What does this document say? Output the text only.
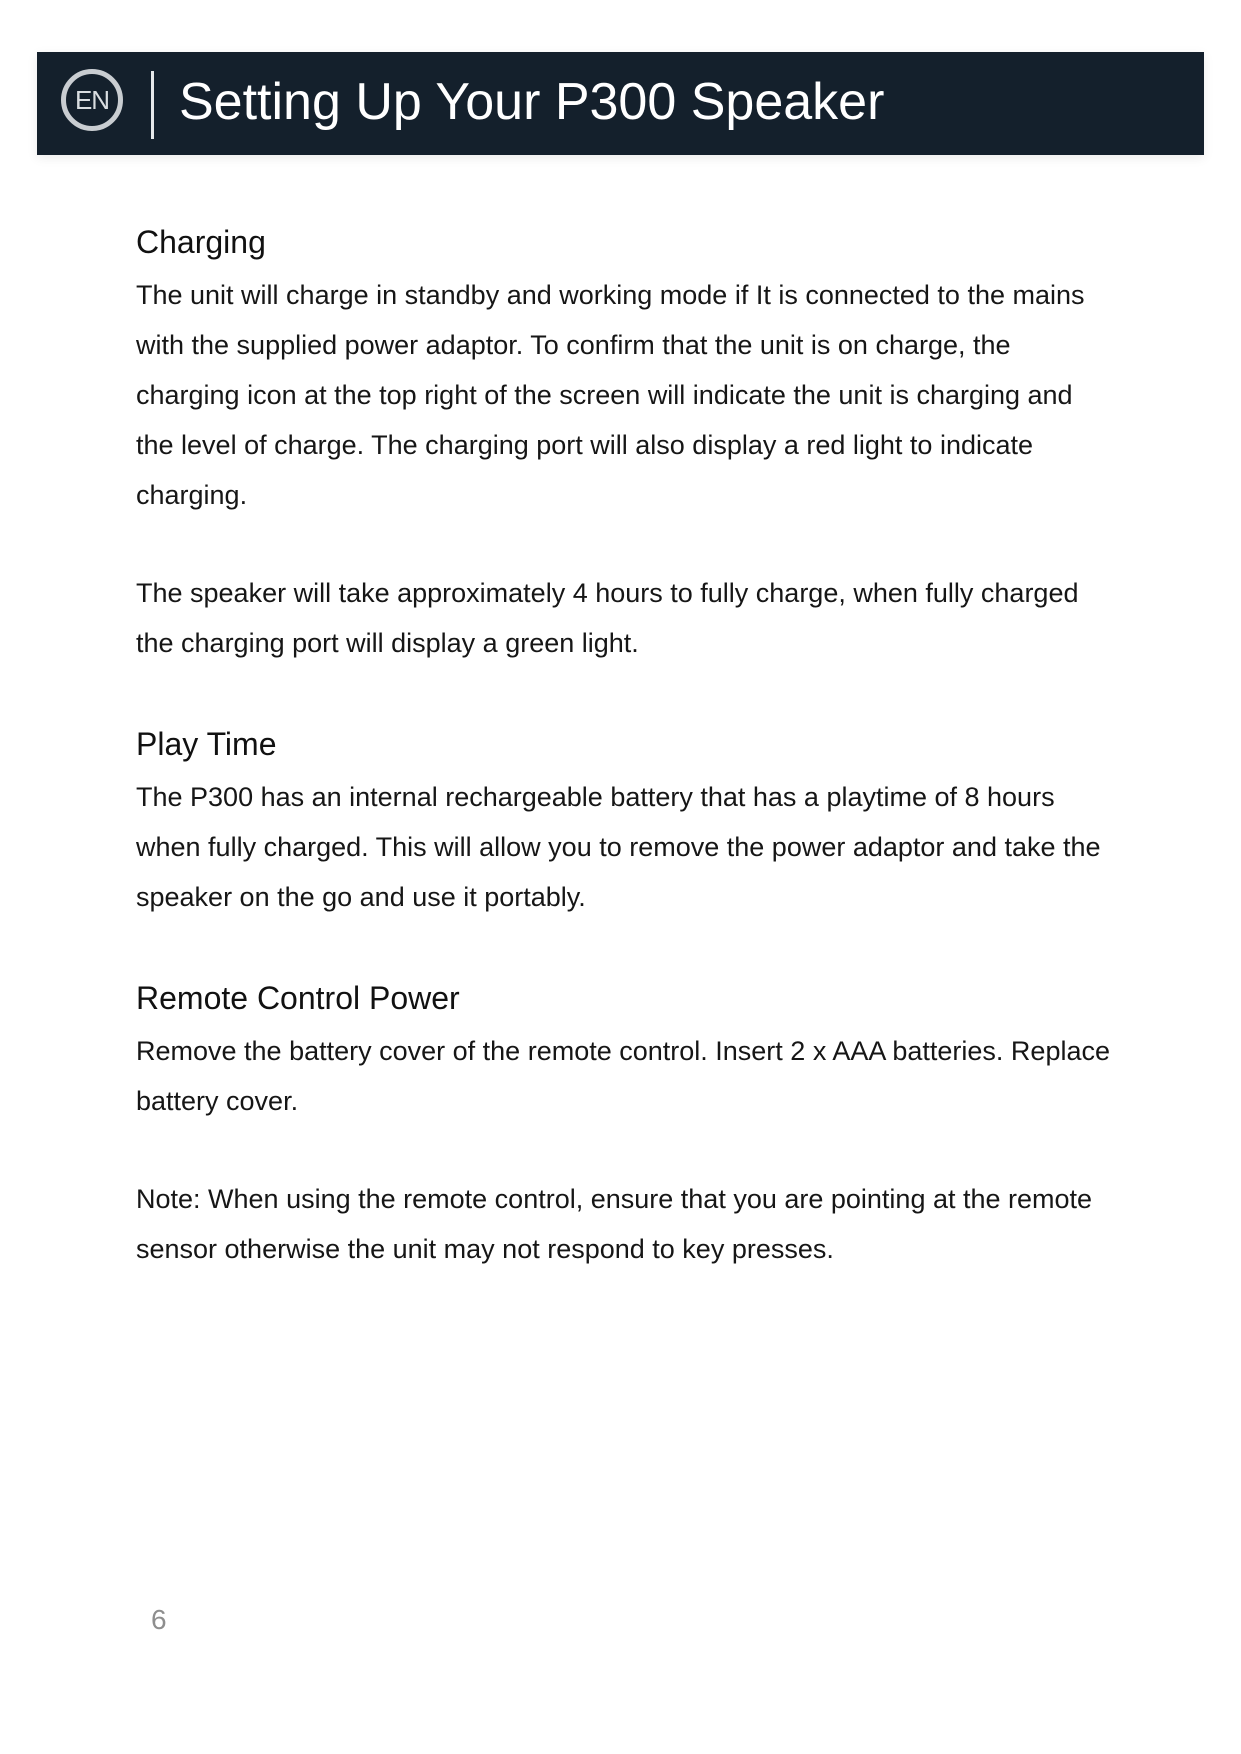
EN Setting Up Your P300 Speaker
Charging

The unit will charge in standby and working mode if It is connected to the mains with the supplied power adaptor. To confirm that the unit is on charge, the charging icon at the top right of the screen will indicate the unit is charging and the level of charge. The charging port will also display a red light to indicate charging.

The speaker will take approximately 4 hours to fully charge, when fully charged the charging port will display a green light.

Play Time

The P300 has an internal rechargeable battery that has a playtime of 8 hours when fully charged. This will allow you to remove the power adaptor and take the speaker on the go and use it portably.

Remote Control Power

Remove the battery cover of the remote control. Insert 2 x AAA batteries. Replace battery cover.

Note: When using the remote control, ensure that you are pointing at the remote sensor otherwise the unit may not respond to key presses.

6
